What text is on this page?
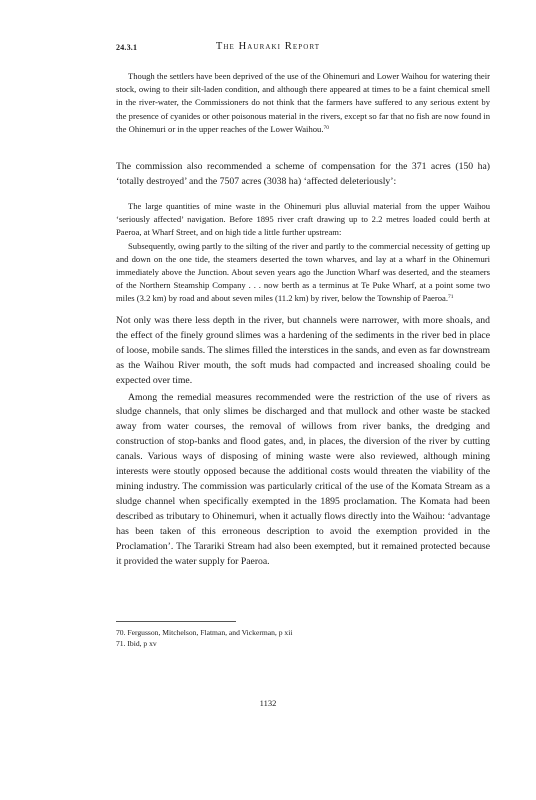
24.3.1	The Hauraki Report

Though the settlers have been deprived of the use of the Ohinemuri and Lower Waihou for watering their stock, owing to their silt-laden condition, and although there appeared at times to be a faint chemical smell in the river-water, the Commissioners do not think that the farmers have suffered to any serious extent by the presence of cyanides or other poisonous material in the rivers, except so far that no fish are now found in the Ohinemuri or in the upper reaches of the Lower Waihou.$^{70}$

The commission also recommended a scheme of compensation for the 371 acres (150 ha) ‘totally destroyed’ and the 7507 acres (3038 ha) ‘affected deleteriously’:

The large quantities of mine waste in the Ohinemuri plus alluvial material from the upper Waihou ‘seriously affected’ navigation. Before 1895 river craft drawing up to 2.2 metres loaded could berth at Paeroa, at Wharf Street, and on high tide a little further upstream:

Subsequently, owing partly to the silting of the river and partly to the commercial necessity of getting up and down on the one tide, the steamers deserted the town wharves, and lay at a wharf in the Ohinemuri immediately above the Junction. About seven years ago the Junction Wharf was deserted, and the steamers of the Northern Steamship Company . . . now berth as a terminus at Te Puke Wharf, at a point some two miles (3.2 km) by road and about seven miles (11.2 km) by river, below the Township of Paeroa.$^{71}$

Not only was there less depth in the river, but channels were narrower, with more shoals, and the effect of the finely ground slimes was a hardening of the sediments in the river bed in place of loose, mobile sands. The slimes filled the interstices in the sands, and even as far downstream as the Waihou River mouth, the soft muds had compacted and increased shoaling could be expected over time.

Among the remedial measures recommended were the restriction of the use of rivers as sludge channels, that only slimes be discharged and that mullock and other waste be stacked away from water courses, the removal of willows from river banks, the dredging and construction of stop-banks and flood gates, and, in places, the diversion of the river by cutting canals. Various ways of disposing of mining waste were also reviewed, although mining interests were stoutly opposed because the additional costs would threaten the viability of the mining industry. The commission was particularly critical of the use of the Komata Stream as a sludge channel when specifically exempted in the 1895 proclamation. The Komata had been described as tributary to Ohinemuri, when it actually flows directly into the Waihou: ‘advantage has been taken of this erroneous description to avoid the exemption provided in the Proclamation’. The Tarariki Stream had also been exempted, but it remained protected because it provided the water supply for Paeroa.

70. Fergusson, Mitchelson, Flatman, and Vickerman, p xii
71. Ibid, p xv
1132
